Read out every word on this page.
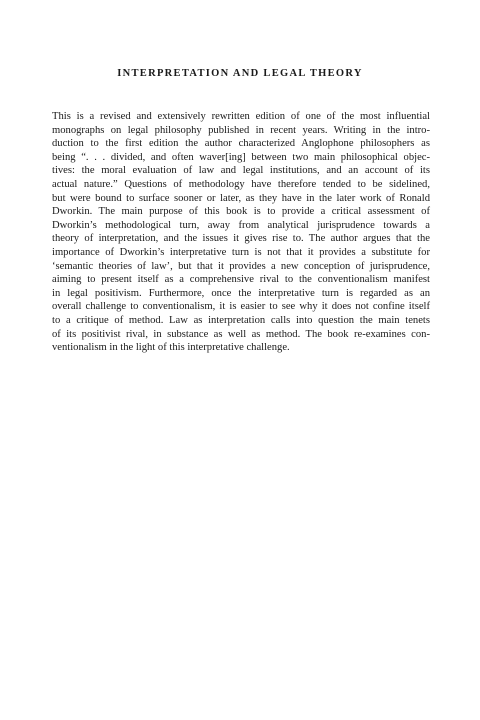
INTERPRETATION AND LEGAL THEORY

This is a revised and extensively rewritten edition of one of the most influential
monographs on legal philosophy published in recent years. Writing in the intro-
duction to the first edition the author characterized Anglophone philosophers as
being “. . . divided, and often waver[ing] between two main philosophical objec-
tives: the moral evaluation of law and legal institutions, and an account of its
actual nature.” Questions of methodology have therefore tended to be sidelined,
but were bound to surface sooner or later, as they have in the later work of Ronald
Dworkin. The main purpose of this book is to provide a critical assessment of
Dworkin’s methodological turn, away from analytical jurisprudence towards a
theory of interpretation, and the issues it gives rise to. The author argues that the
importance of Dworkin’s interpretative turn is not that it provides a substitute for
‘semantic theories of law’, but that it provides a new conception of jurisprudence,
aiming to present itself as a comprehensive rival to the conventionalism manifest
in legal positivism. Furthermore, once the interpretative turn is regarded as an
overall challenge to conventionalism, it is easier to see why it does not confine itself
to a critique of method. Law as interpretation calls into question the main tenets
of its positivist rival, in substance as well as method. The book re-examines con-
ventionalism in the light of this interpretative challenge.
